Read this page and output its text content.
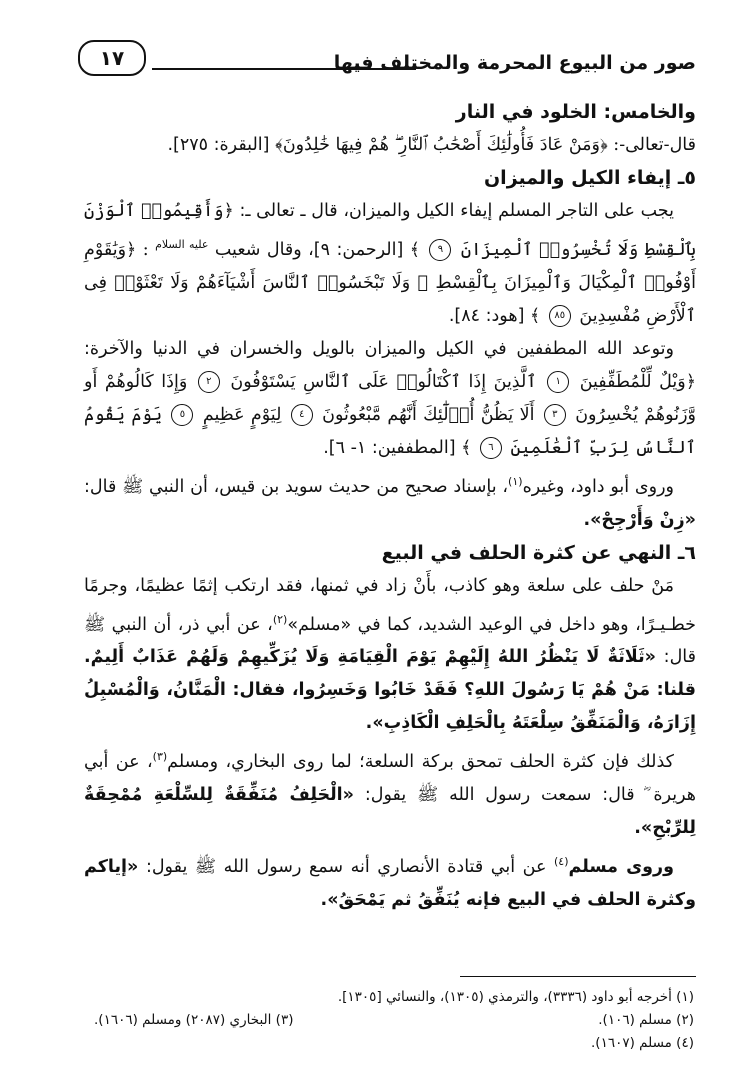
صور من البيوع المحرمة والمختلف فيها
١٧

والخامس: الخلود في النار

قال-تعالى-: ﴿وَمَنْ عَادَ فَأُولَٰئِكَ أَصْحَٰبُ ٱلنَّارِ ۖ هُمْ فِيهَا خَٰلِدُونَ﴾ [البقرة: ٢٧٥].

٥ـ إيفاء الكيل والميزان

يجب على التاجر المسلم إيفاء الكيل والميزان، قال ـ تعالى ـ: ﴿وَأَقِيمُوا۟ ٱلْوَزْنَ بِٱلْقِسْطِ وَلَا تُخْسِرُوا۟ ٱلْمِيزَانَ ٩ ﴾ [الرحمن: ٩]، وقال شعيب $^{عليه السلام}$ : ﴿وَيَٰقَوْمِ أَوْفُوا۟ ٱلْمِكْيَالَ وَٱلْمِيزَانَ بِٱلْقِسْطِ ۖ وَلَا تَبْخَسُوا۟ ٱلنَّاسَ أَشْيَآءَهُمْ وَلَا تَعْثَوْا۟ فِى ٱلْأَرْضِ مُفْسِدِينَ ٨٥ ﴾ [هود: ٨٤].

وتوعد الله المطففين في الكيل والميزان بالويل والخسران في الدنيا والآخرة: ﴿وَيْلٌ لِّلْمُطَفِّفِينَ ١ ٱلَّذِينَ إِذَا ٱكْتَالُوا۟ عَلَى ٱلنَّاسِ يَسْتَوْفُونَ ٢ وَإِذَا كَالُوهُمْ أَو وَّزَنُوهُمْ يُخْسِرُونَ ٣ أَلَا يَظُنُّ أُو۟لَٰٓئِكَ أَنَّهُم مَّبْعُوثُونَ ٤ لِيَوْمٍ عَظِيمٍ ٥ يَوْمَ يَقُومُ ٱلنَّاسُ لِرَبِّ ٱلْعَٰلَمِينَ ٦ ﴾ [المطففين: ١- ٦].

وروى أبو داود، وغيره$^{(١)}$، بإسناد صحيح من حديث سويد بن قيس، أن النبي ﷺ قال: «زِنْ وَأَرْجِحْ».

٦ـ النهي عن كثرة الحلف في البيع

مَنْ حلف على سلعة وهو كاذب، بأَنْ زاد في ثمنها، فقد ارتكب إثمًا عظيمًا، وجرمًا خطـيـرًا، وهو داخل في الوعيد الشديد، كما في «مسلم»$^{(٢)}$، عن أبي ذر، أن النبي ﷺ قال: «ثَلَاثَةٌ لَا يَنْظُرُ اللهُ إِلَيْهِمْ يَوْمَ الْقِيَامَةِ وَلَا يُزَكِّيهِمْ وَلَهُمْ عَذَابٌ أَلِيمٌ. قلنا: مَنْ هُمْ يَا رَسُولَ اللهِ؟ فَقَدْ خَابُوا وَخَسِرُوا، فقال: الْمَنَّانُ، وَالْمُسْبِلُ إِزَارَهُ، وَالْمَنَفِّقُ سِلْعَتَهُ بِالْحَلِفِ الْكَاذِبِ».

كذلك فإن كثرة الحلف تمحق بركة السلعة؛ لما روى البخاري، ومسلم$^{(٣)}$، عن أبي هريرة ؓ قال: سمعت رسول الله ﷺ يقول: «الْحَلِفُ مُنَفِّقَةٌ لِلسِّلْعَةِ مُمْحِقَةٌ لِلرِّبْحِ».

وروى مسلم$^{(٤)}$ عن أبي قتادة الأنصاري أنه سمع رسول الله ﷺ يقول: «إياكم وكثرة الحلف في البيع فإنه يُنَفِّقُ ثم يَمْحَقُ».

(١) أخرجه أبو داود (٣٣٣٦)، والترمذي (١٣٠٥)، والنسائي [١٣٠٥].
(٢) مسلم (١٠٦).
(٣) البخاري (٢٠٨٧) ومسلم (١٦٠٦).
(٤) مسلم (١٦٠٧).
